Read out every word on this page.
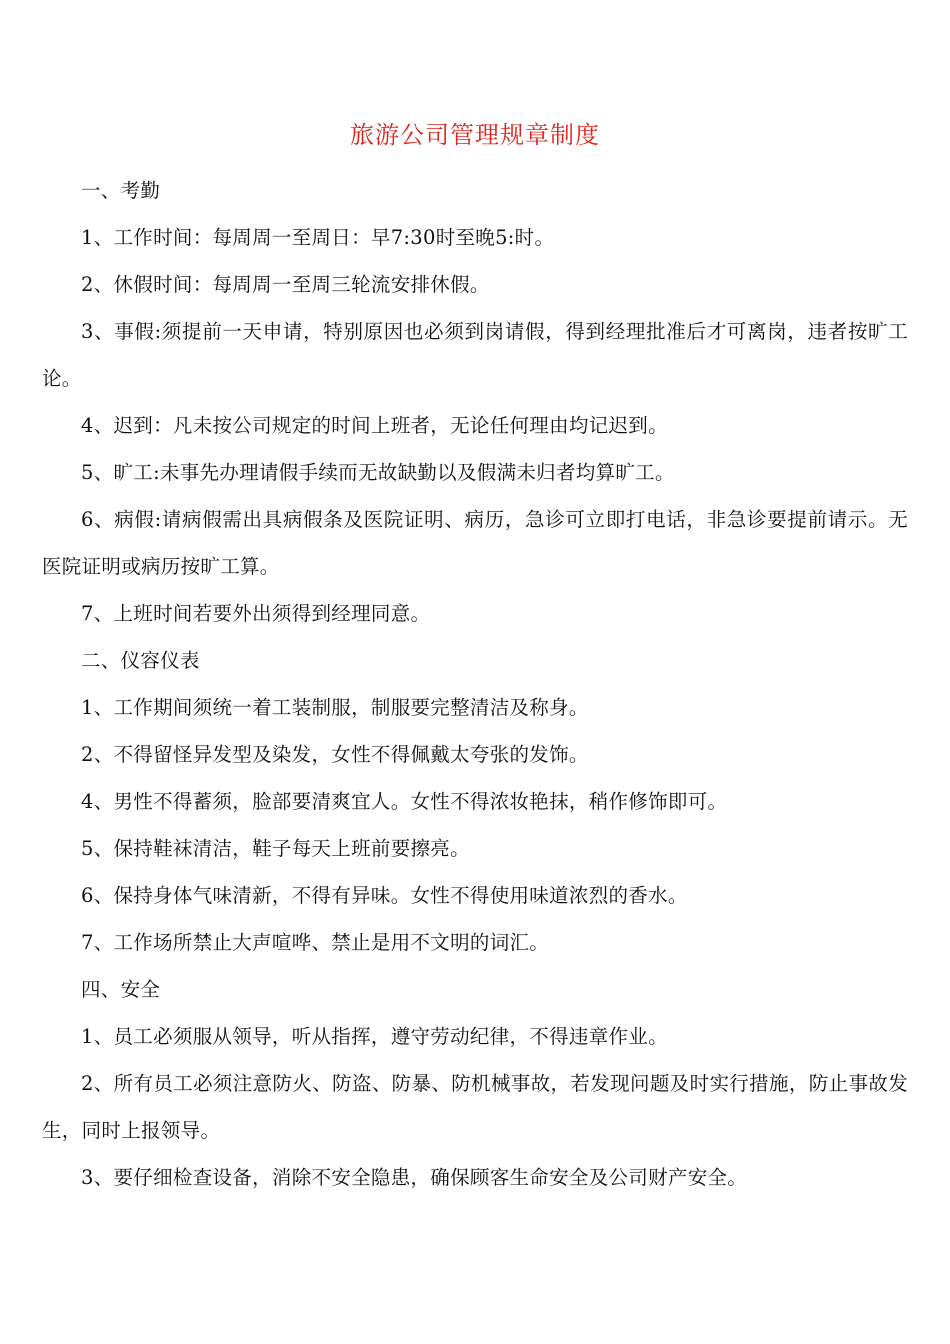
旅游公司管理规章制度

一、考勤

1、工作时间：每周周一至周日：早7:30时至晚5:时。

2、休假时间：每周周一至周三轮流安排休假。

3、事假:须提前一天申请，特别原因也必须到岗请假，得到经理批准后才可离岗，违者按旷工论。

4、迟到：凡未按公司规定的时间上班者，无论任何理由均记迟到。

5、旷工:未事先办理请假手续而无故缺勤以及假满未归者均算旷工。

6、病假:请病假需出具病假条及医院证明、病历，急诊可立即打电话，非急诊要提前请示。无医院证明或病历按旷工算。

7、上班时间若要外出须得到经理同意。

二、仪容仪表

1、工作期间须统一着工装制服，制服要完整清洁及称身。

2、不得留怪异发型及染发，女性不得佩戴太夸张的发饰。

4、男性不得蓄须，脸部要清爽宜人。女性不得浓妆艳抹，稍作修饰即可。

5、保持鞋袜清洁，鞋子每天上班前要擦亮。

6、保持身体气味清新，不得有异味。女性不得使用味道浓烈的香水。

7、工作场所禁止大声喧哗、禁止是用不文明的词汇。

四、安全

1、员工必须服从领导，听从指挥，遵守劳动纪律，不得违章作业。

2、所有员工必须注意防火、防盗、防暴、防机械事故，若发现问题及时实行措施，防止事故发生，同时上报领导。

3、要仔细检查设备，消除不安全隐患，确保顾客生命安全及公司财产安全。
